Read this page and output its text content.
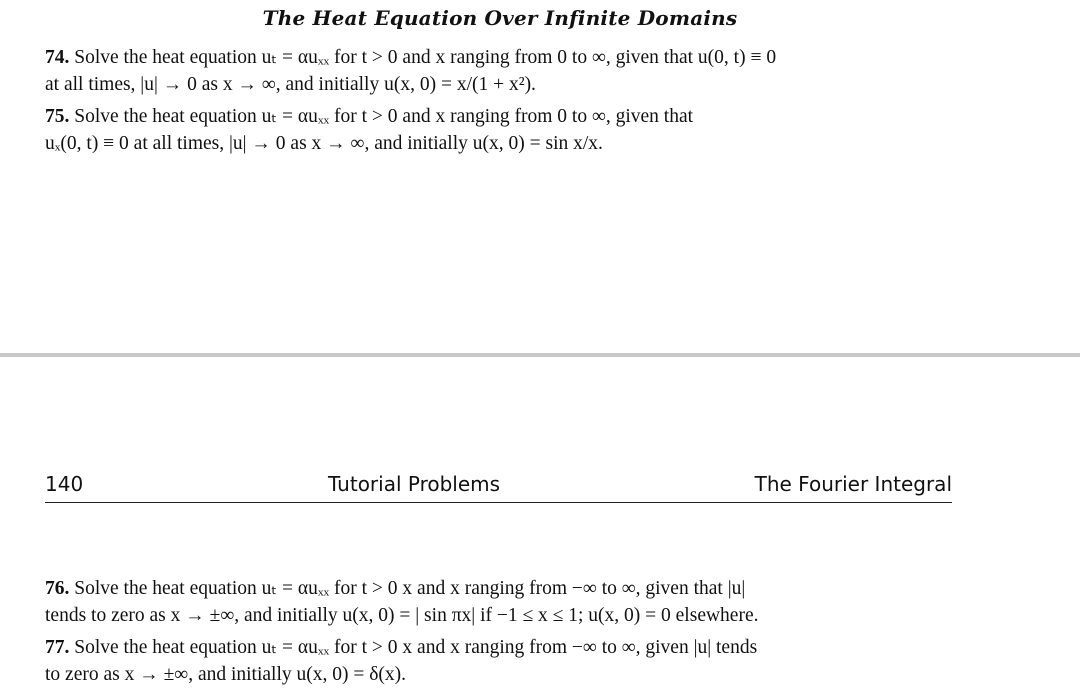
The Heat Equation Over Infinite Domains
74. Solve the heat equation uₜ = αuₓₓ for t > 0 and x ranging from 0 to ∞, given that u(0, t) ≡ 0
at all times, |u| → 0 as x → ∞, and initially u(x, 0) = x/(1 + x²).
75. Solve the heat equation uₜ = αuₓₓ for t > 0 and x ranging from 0 to ∞, given that
uₓ(0, t) ≡ 0 at all times, |u| → 0 as x → ∞, and initially u(x, 0) = sin x/x.
140	Tutorial Problems	The Fourier Integral
76. Solve the heat equation uₜ = αuₓₓ for t > 0 x and x ranging from −∞ to ∞, given that |u|
tends to zero as x → ±∞, and initially u(x, 0) = | sin πx| if −1 ≤ x ≤ 1; u(x, 0) = 0 elsewhere.
77. Solve the heat equation uₜ = αuₓₓ for t > 0 x and x ranging from −∞ to ∞, given |u| tends
to zero as x → ±∞, and initially u(x, 0) = δ(x).
